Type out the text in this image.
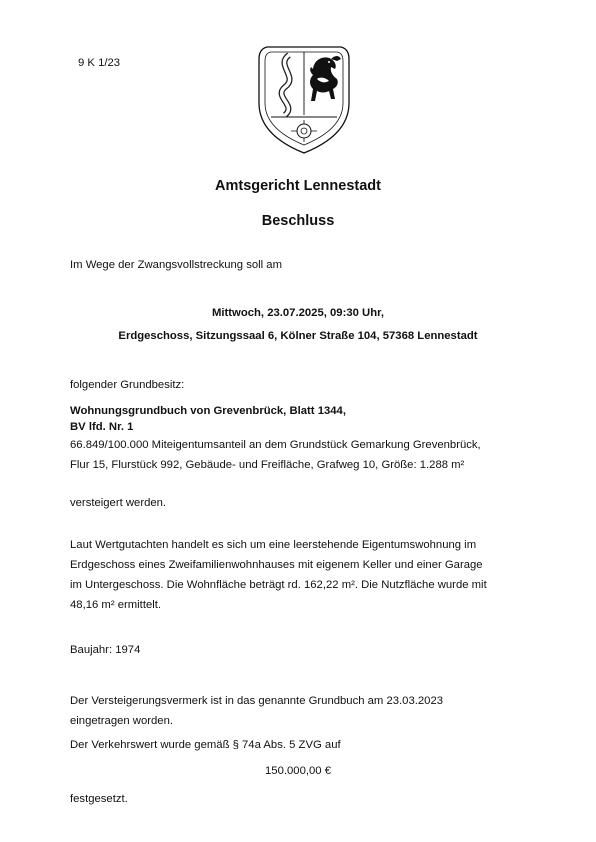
9 K 1/23
Amtsgericht Lennestadt
Beschluss
Im Wege der Zwangsvollstreckung soll am
Mittwoch, 23.07.2025, 09:30 Uhr,
Erdgeschoss, Sitzungssaal 6, Kölner Straße 104, 57368 Lennestadt
folgender Grundbesitz:
Wohnungsgrundbuch von Grevenbrück, Blatt 1344,
BV lfd. Nr. 1
66.849/100.000 Miteigentumsanteil an dem Grundstück Gemarkung Grevenbrück,
Flur 15, Flurstück 992, Gebäude- und Freifläche, Grafweg 10, Größe: 1.288 m²
versteigert werden.
Laut Wertgutachten handelt es sich um eine leerstehende Eigentumswohnung im
Erdgeschoss eines Zweifamilienwohnhauses mit eigenem Keller und einer Garage
im Untergeschoss. Die Wohnfläche beträgt rd. 162,22 m². Die Nutzfläche wurde mit
48,16 m² ermittelt.
Baujahr: 1974
Der Versteigerungsvermerk ist in das genannte Grundbuch am 23.03.2023
eingetragen worden.
Der Verkehrswert wurde gemäß § 74a Abs. 5 ZVG auf
150.000,00 €
festgesetzt.
